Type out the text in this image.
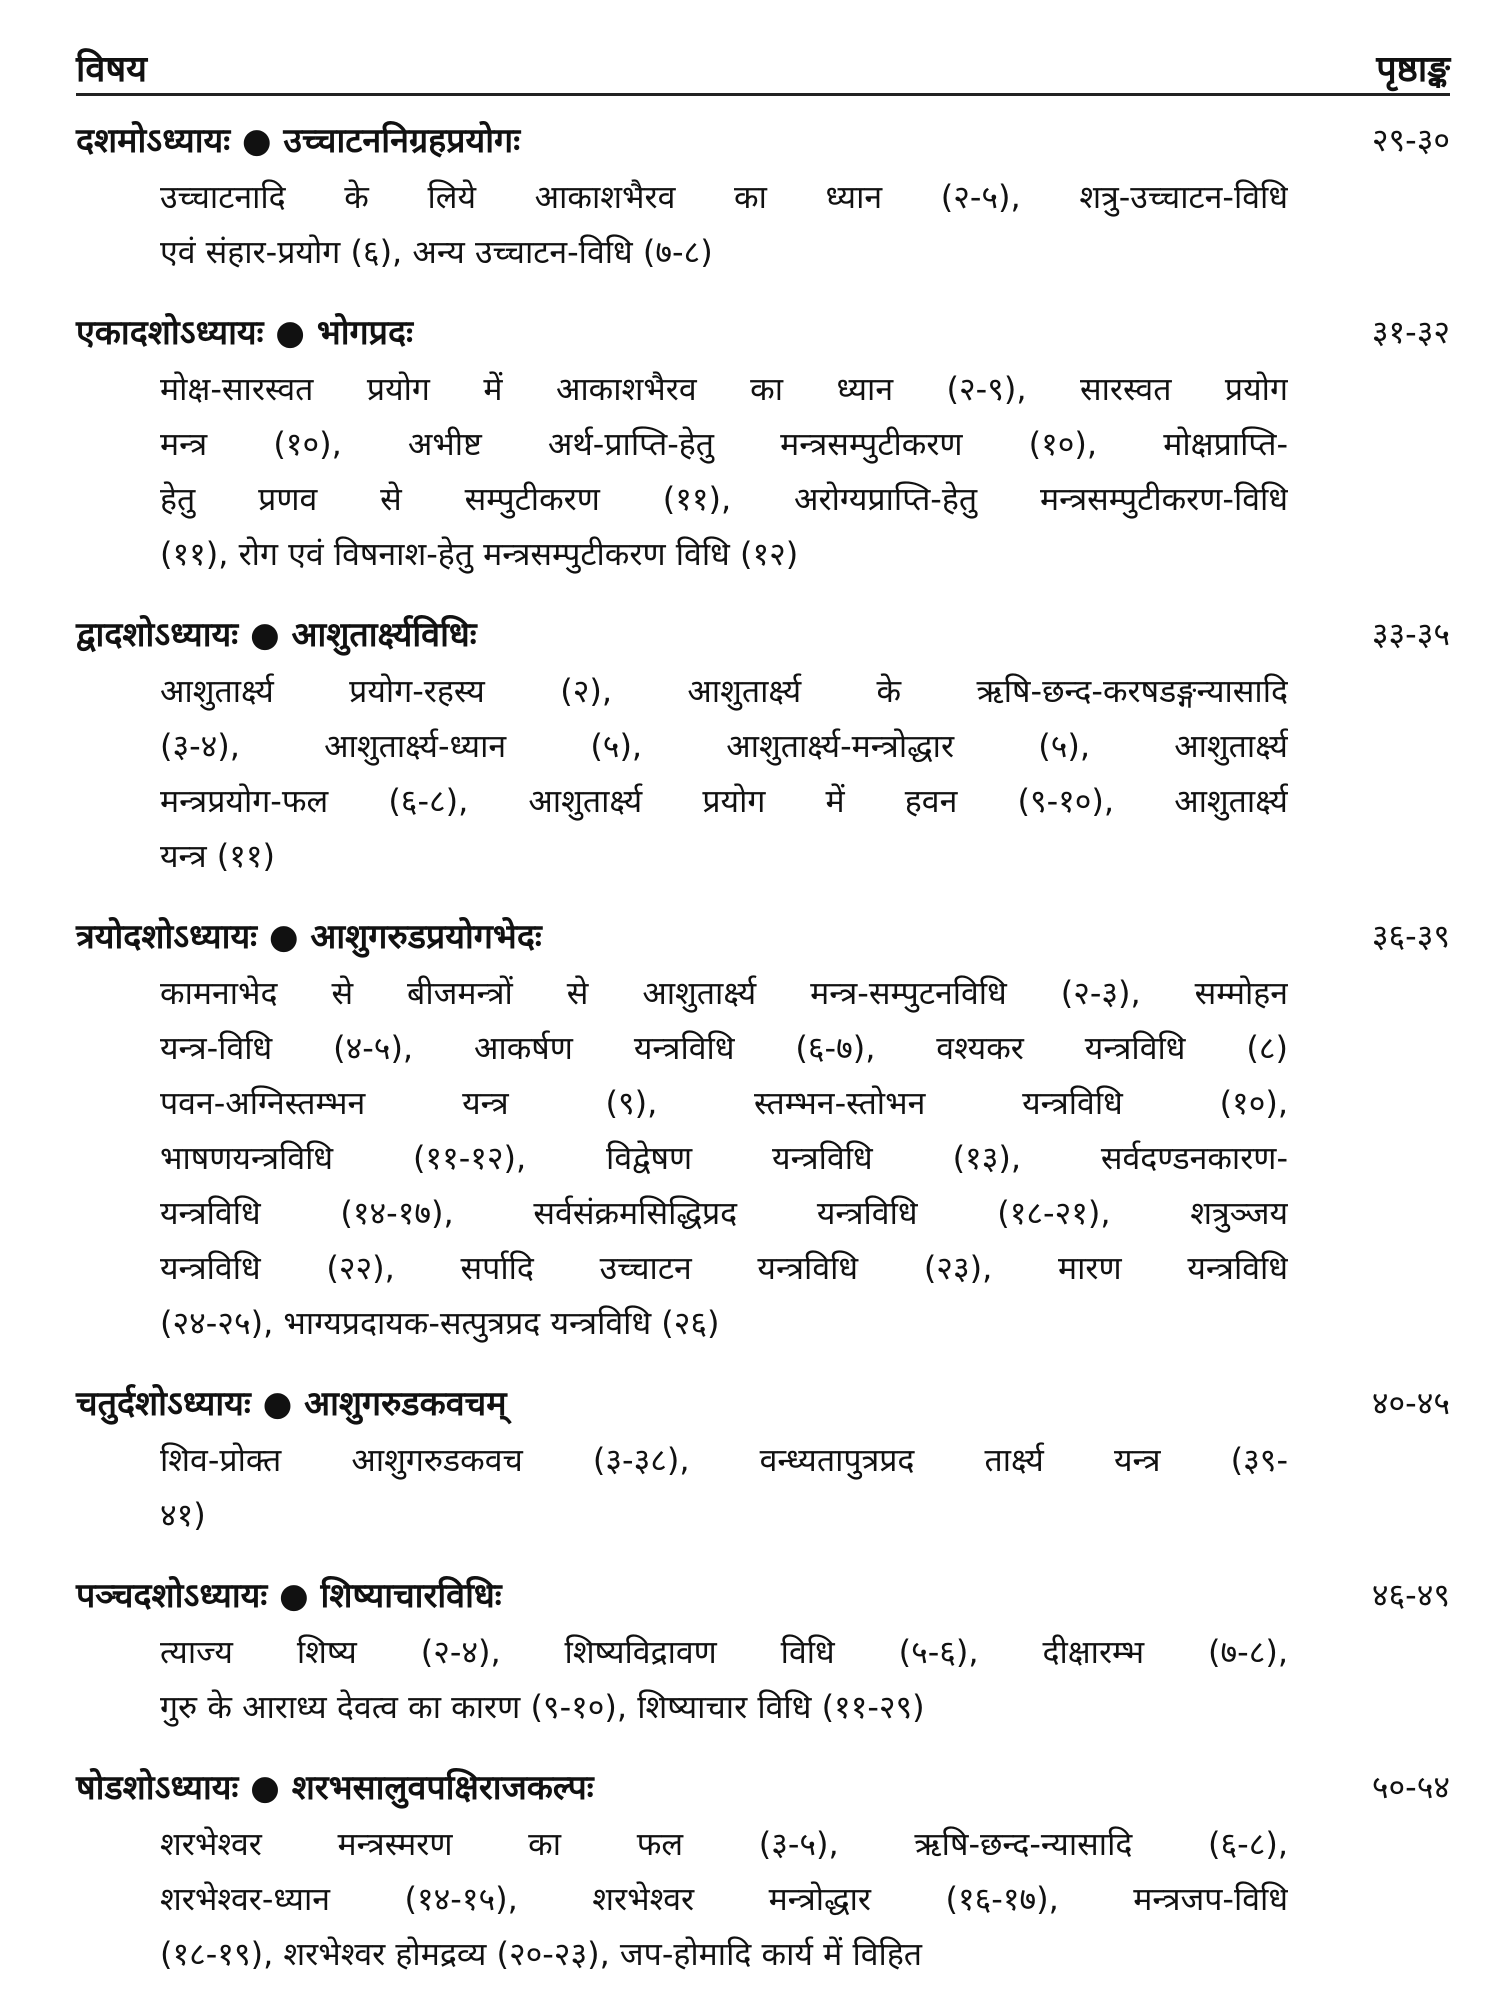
विषय	पृष्ठाङ्क
दशमोऽध्यायः ● उच्चाटननिग्रहप्रयोगः	२९-३०
उच्चाटनादि के लिये आकाशभैरव का ध्यान (२-५), शत्रु-उच्चाटन-विधि
एवं संहार-प्रयोग (६), अन्य उच्चाटन-विधि (७-८)
एकादशोऽध्यायः ● भोगप्रदः	३१-३२
मोक्ष-सारस्वत प्रयोग में आकाशभैरव का ध्यान (२-९), सारस्वत प्रयोग
मन्त्र (१०), अभीष्ट अर्थ-प्राप्ति-हेतु मन्त्रसम्पुटीकरण (१०), मोक्षप्राप्ति-
हेतु प्रणव से सम्पुटीकरण (११), अरोग्यप्राप्ति-हेतु मन्त्रसम्पुटीकरण-विधि
(११), रोग एवं विषनाश-हेतु मन्त्रसम्पुटीकरण विधि (१२)
द्वादशोऽध्यायः ● आशुतार्क्ष्यविधिः	३३-३५
आशुतार्क्ष्य प्रयोग-रहस्य (२), आशुतार्क्ष्य के ऋषि-छन्द-करषडङ्गन्यासादि
(३-४), आशुतार्क्ष्य-ध्यान (५), आशुतार्क्ष्य-मन्त्रोद्धार (५), आशुतार्क्ष्य
मन्त्रप्रयोग-फल (६-८), आशुतार्क्ष्य प्रयोग में हवन (९-१०), आशुतार्क्ष्य
यन्त्र (११)
त्रयोदशोऽध्यायः ● आशुगरुडप्रयोगभेदः	३६-३९
कामनाभेद से बीजमन्त्रों से आशुतार्क्ष्य मन्त्र-सम्पुटनविधि (२-३), सम्मोहन
यन्त्र-विधि (४-५), आकर्षण यन्त्रविधि (६-७), वश्यकर यन्त्रविधि (८)
पवन-अग्निस्तम्भन यन्त्र (९), स्तम्भन-स्तोभन यन्त्रविधि (१०),
भाषणयन्त्रविधि (११-१२), विद्वेषण यन्त्रविधि (१३), सर्वदण्डनकारण-
यन्त्रविधि (१४-१७), सर्वसंक्रमसिद्धिप्रद यन्त्रविधि (१८-२१), शत्रुञ्जय
यन्त्रविधि (२२), सर्पादि उच्चाटन यन्त्रविधि (२३), मारण यन्त्रविधि
(२४-२५), भाग्यप्रदायक-सत्पुत्रप्रद यन्त्रविधि (२६)
चतुर्दशोऽध्यायः ● आशुगरुडकवचम्	४०-४५
शिव-प्रोक्त आशुगरुडकवच (३-३८), वन्ध्यतापुत्रप्रद तार्क्ष्य यन्त्र (३९-
४१)
पञ्चदशोऽध्यायः ● शिष्याचारविधिः	४६-४९
त्याज्य शिष्य (२-४), शिष्यविद्रावण विधि (५-६), दीक्षारम्भ (७-८),
गुरु के आराध्य देवत्व का कारण (९-१०), शिष्याचार विधि (११-२९)
षोडशोऽध्यायः ● शरभसालुवपक्षिराजकल्पः	५०-५४
शरभेश्वर मन्त्रस्मरण का फल (३-५), ऋषि-छन्द-न्यासादि (६-८),
शरभेश्वर-ध्यान (१४-१५), शरभेश्वर मन्त्रोद्धार (१६-१७), मन्त्रजप-विधि
(१८-१९), शरभेश्वर होमद्रव्य (२०-२३), जप-होमादि कार्य में विहित
